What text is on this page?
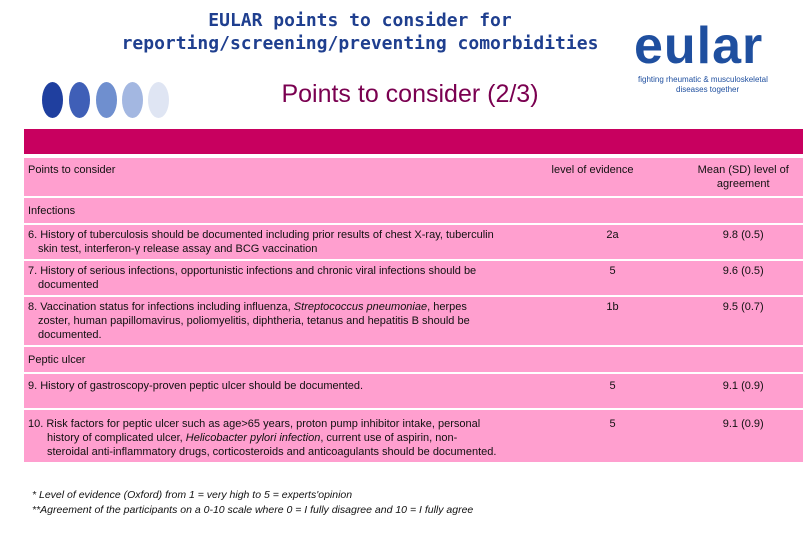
EULAR points to consider for
reporting/screening/preventing comorbidities
Points to consider (2/3)
eular
fighting rheumatic & musculoskeletal
diseases together
Points to consider	level of evidence	Mean (SD) level of agreement
Infections		
6. History of tuberculosis should be documented including prior results of chest X-ray, tuberculin
skin test, interferon-γ release assay and BCG vaccination	2a	9.8 (0.5)
7. History of serious infections, opportunistic infections and chronic viral infections should be
documented	5	9.6 (0.5)
8. Vaccination status for infections including influenza, Streptococcus pneumoniae, herpes
zoster, human papillomavirus, poliomyelitis, diphtheria, tetanus and hepatitis B should be
documented.	1b	9.5 (0.7)
Peptic ulcer		
9. History of gastroscopy-proven peptic ulcer should be documented.	5	9.1 (0.9)
10. Risk factors for peptic ulcer such as age>65 years, proton pump inhibitor intake, personal
history of complicated ulcer, Helicobacter pylori infection, current use of aspirin, non-
steroidal anti-inflammatory drugs, corticosteroids and anticoagulants should be documented.	5	9.1 (0.9)
* Level of evidence (Oxford) from 1 = very high to 5 = experts'opinion
**Agreement of the participants on a 0-10 scale where 0 = I fully disagree and 10 = I fully agree
